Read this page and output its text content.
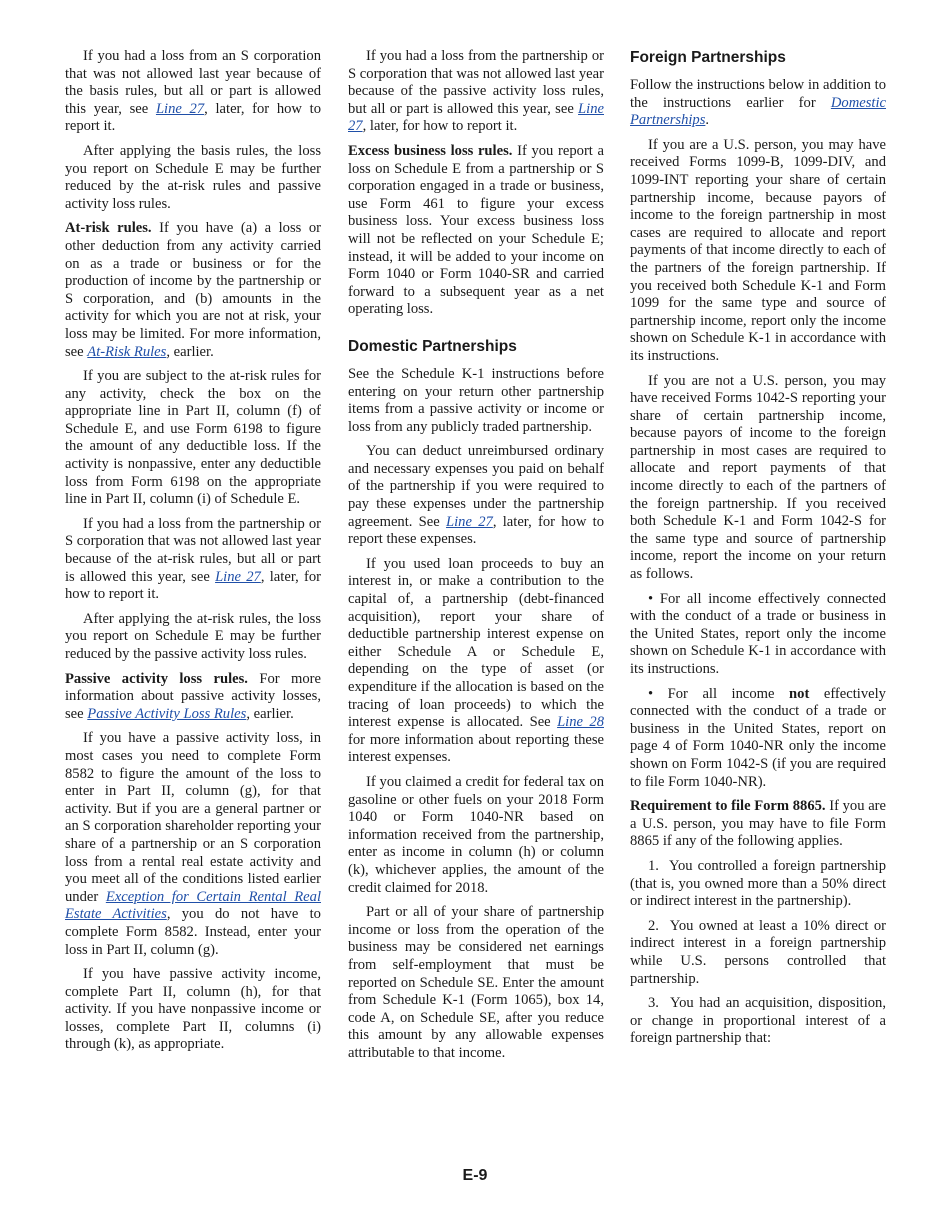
If you had a loss from an S corporation that was not allowed last year because of the basis rules, but all or part is allowed this year, see Line 27, later, for how to report it.

After applying the basis rules, the loss you report on Schedule E may be further reduced by the at-risk rules and passive activity loss rules.

At-risk rules. If you have (a) a loss or other deduction from any activity carried on as a trade or business or for the production of income by the partnership or S corporation, and (b) amounts in the activity for which you are not at risk, your loss may be limited. For more information, see At-Risk Rules, earlier.

If you are subject to the at-risk rules for any activity, check the box on the appropriate line in Part II, column (f) of Schedule E, and use Form 6198 to figure the amount of any deductible loss. If the activity is nonpassive, enter any deductible loss from Form 6198 on the appropriate line in Part II, column (i) of Schedule E.

If you had a loss from the partnership or S corporation that was not allowed last year because of the at-risk rules, but all or part is allowed this year, see Line 27, later, for how to report it.

After applying the at-risk rules, the loss you report on Schedule E may be further reduced by the passive activity loss rules.

Passive activity loss rules. For more information about passive activity losses, see Passive Activity Loss Rules, earlier.

If you have a passive activity loss, in most cases you need to complete Form 8582 to figure the amount of the loss to enter in Part II, column (g), for that activity. But if you are a general partner or an S corporation shareholder reporting your share of a partnership or an S corporation loss from a rental real estate activity and you meet all of the conditions listed earlier under Exception for Certain Rental Real Estate Activities, you do not have to complete Form 8582. Instead, enter your loss in Part II, column (g).

If you have passive activity income, complete Part II, column (h), for that activity. If you have nonpassive income or losses, complete Part II, columns (i) through (k), as appropriate.

If you had a loss from the partnership or S corporation that was not allowed last year because of the passive activity loss rules, but all or part is allowed this year, see Line 27, later, for how to report it.

Excess business loss rules. If you report a loss on Schedule E from a partnership or S corporation engaged in a trade or business, use Form 461 to figure your excess business loss. Your excess business loss will not be reflected on your Schedule E; instead, it will be added to your income on Form 1040 or Form 1040-SR and carried forward to a subsequent year as a net operating loss.

Domestic Partnerships

See the Schedule K-1 instructions before entering on your return other partnership items from a passive activity or income or loss from any publicly traded partnership.

You can deduct unreimbursed ordinary and necessary expenses you paid on behalf of the partnership if you were required to pay these expenses under the partnership agreement. See Line 27, later, for how to report these expenses.

If you used loan proceeds to buy an interest in, or make a contribution to the capital of, a partnership (debt-financed acquisition), report your share of deductible partnership interest expense on either Schedule A or Schedule E, depending on the type of asset (or expenditure if the allocation is based on the tracing of loan proceeds) to which the interest expense is allocated. See Line 28 for more information about reporting these interest expenses.

If you claimed a credit for federal tax on gasoline or other fuels on your 2018 Form 1040 or Form 1040-NR based on information received from the partnership, enter as income in column (h) or column (k), whichever applies, the amount of the credit claimed for 2018.

Part or all of your share of partnership income or loss from the operation of the business may be considered net earnings from self-employment that must be reported on Schedule SE. Enter the amount from Schedule K-1 (Form 1065), box 14, code A, on Schedule SE, after you reduce this amount by any allowable expenses attributable to that income.

Foreign Partnerships

Follow the instructions below in addition to the instructions earlier for Domestic Partnerships.

If you are a U.S. person, you may have received Forms 1099-B, 1099-DIV, and 1099-INT reporting your share of certain partnership income, because payors of income to the foreign partnership in most cases are required to allocate and report payments of that income directly to each of the partners of the foreign partnership. If you received both Schedule K-1 and Form 1099 for the same type and source of partnership income, report only the income shown on Schedule K-1 in accordance with its instructions.

If you are not a U.S. person, you may have received Forms 1042-S reporting your share of certain partnership income, because payors of income to the foreign partnership in most cases are required to allocate and report payments of that income directly to each of the partners of the foreign partnership. If you received both Schedule K-1 and Form 1042-S for the same type and source of partnership income, report the income on your return as follows.

• For all income effectively connected with the conduct of a trade or business in the United States, report only the income shown on Schedule K-1 in accordance with its instructions.

• For all income not effectively connected with the conduct of a trade or business in the United States, report on page 4 of Form 1040-NR only the income shown on Form 1042-S (if you are required to file Form 1040-NR).

Requirement to file Form 8865. If you are a U.S. person, you may have to file Form 8865 if any of the following applies.

1. You controlled a foreign partnership (that is, you owned more than a 50% direct or indirect interest in the partnership).

2. You owned at least a 10% direct or indirect interest in a foreign partnership while U.S. persons controlled that partnership.

3. You had an acquisition, disposition, or change in proportional interest of a foreign partnership that:

E-9
